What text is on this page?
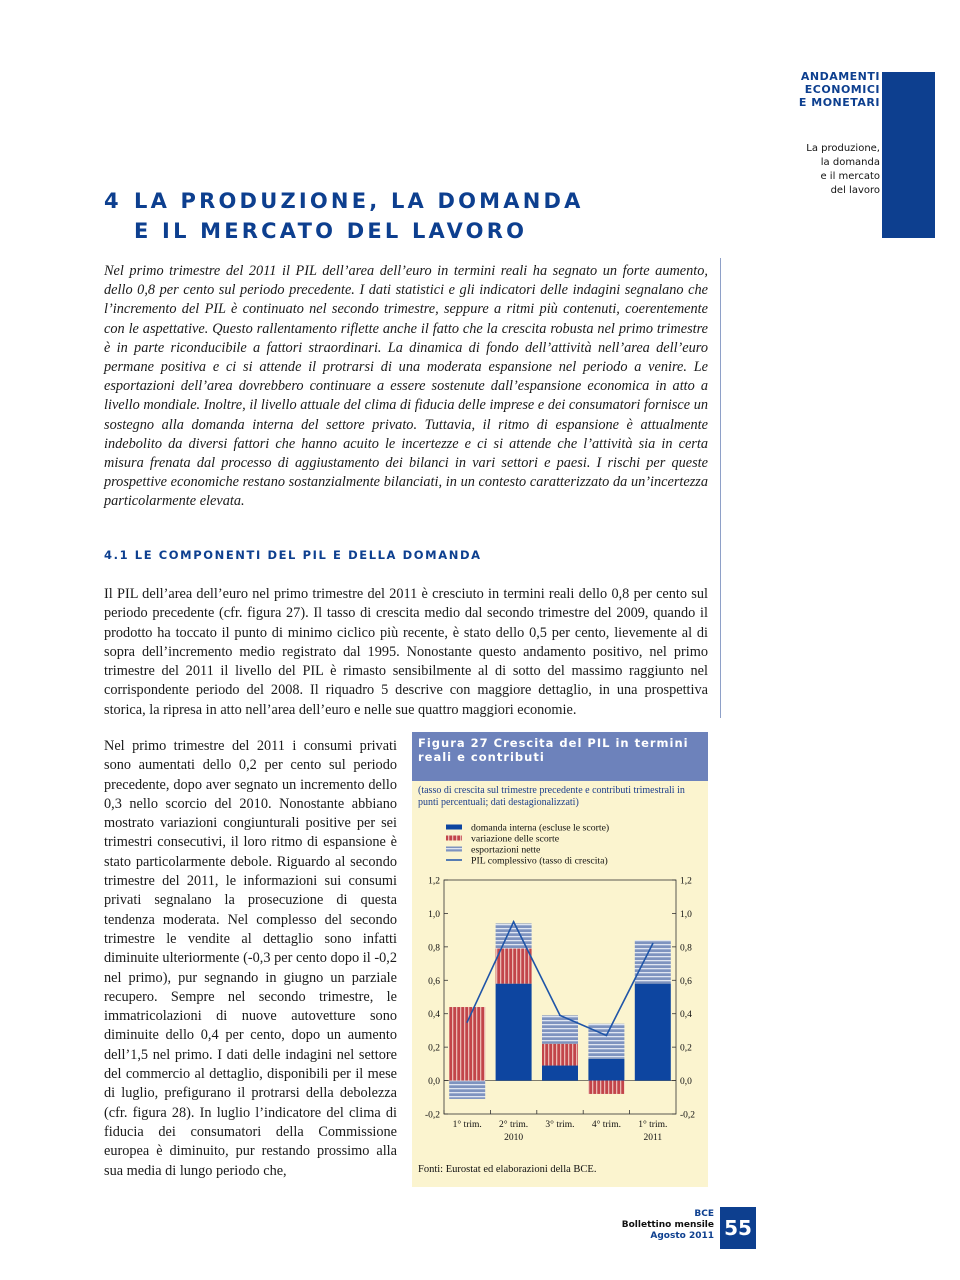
ANDAMENTI
ECONOMICI
E MONETARI
La produzione,
la domanda
e il mercato
del lavoro
4 LA PRODUZIONE, LA DOMANDA
E IL MERCATO DEL LAVORO
Nel primo trimestre del 2011 il PIL dell’area dell’euro in termini reali ha segnato un forte aumento, dello 0,8 per cento sul periodo precedente. I dati statistici e gli indicatori delle indagini segnalano che l’incremento del PIL è continuato nel secondo trimestre, seppure a ritmi più contenuti, coerentemente con le aspettative. Questo rallentamento riflette anche il fatto che la crescita robusta nel primo trimestre è in parte riconducibile a fattori straordinari. La dinamica di fondo dell’attività nell’area dell’euro permane positiva e ci si attende il protrarsi di una moderata espansione nel periodo a venire. Le esportazioni dell’area dovrebbero continuare a essere sostenute dall’espansione economica in atto a livello mondiale. Inoltre, il livello attuale del clima di fiducia delle imprese e dei consumatori fornisce un sostegno alla domanda interna del settore privato. Tuttavia, il ritmo di espansione è attualmente indebolito da diversi fattori che hanno acuito le incertezze e ci si attende che l’attività sia in certa misura frenata dal processo di aggiustamento dei bilanci in vari settori e paesi. I rischi per queste prospettive economiche restano sostanzialmente bilanciati, in un contesto caratterizzato da un’incertezza particolarmente elevata.
4.1 LE COMPONENTI DEL PIL E DELLA DOMANDA
Il PIL dell’area dell’euro nel primo trimestre del 2011 è cresciuto in termini reali dello 0,8 per cento sul periodo precedente (cfr. figura 27). Il tasso di crescita medio dal secondo trimestre del 2009, quando il prodotto ha toccato il punto di minimo ciclico più recente, è stato dello 0,5 per cento, lievemente al di sopra dell’incremento medio registrato dal 1995. Nonostante questo andamento positivo, nel primo trimestre del 2011 il livello del PIL è rimasto sensibilmente al di sotto del massimo raggiunto nel corrispondente periodo del 2008. Il riquadro 5 descrive con maggiore dettaglio, in una prospettiva storica, la ripresa in atto nell’area dell’euro e nelle sue quattro maggiori economie.
Nel primo trimestre del 2011 i consumi privati sono aumentati dello 0,2 per cento sul periodo precedente, dopo aver segnato un incremento dello 0,3 nello scorcio del 2010. Nonostante abbiano mostrato variazioni congiunturali positive per sei trimestri consecutivi, il loro ritmo di espansione è stato particolarmente debole. Riguardo al secondo trimestre del 2011, le informazioni sui consumi privati segnalano la prosecuzione di questa tendenza moderata. Nel complesso del secondo trimestre le vendite al dettaglio sono infatti diminuite ulteriormente (-0,3 per cento dopo il -0,2 nel primo), pur segnando in giugno un parziale recupero. Sempre nel secondo trimestre, le immatricolazioni di nuove autovetture sono diminuite dello 0,4 per cento, dopo un aumento dell’1,5 nel primo. I dati delle indagini nel settore del commercio al dettaglio, disponibili per il mese di luglio, prefigurano il protrarsi della debolezza (cfr. figura 28). In luglio l’indicatore del clima di fiducia dei consumatori della Commissione europea è diminuito, pur restando prossimo alla sua media di lungo periodo che,
Figura 27 Crescita del PIL in termini reali e contributi
(tasso di crescita sul trimestre precedente e contributi trimestrali in punti percentuali; dati destagionalizzati)
domanda interna (escluse le scorte)
variazione delle scorte
esportazioni nette
PIL complessivo (tasso di crescita)
1,2	1,2
1,0	1,0
0,8	0,8
0,6	0,6
0,4	0,4
0,2	0,2
0,0	0,0
-0,2	-0,2
1° trim. 2° trim. 3° trim. 4° trim. 1° trim.
2010	2011
Fonti: Eurostat ed elaborazioni della BCE.
BCE
Bollettino mensile
Agosto 2011 55
